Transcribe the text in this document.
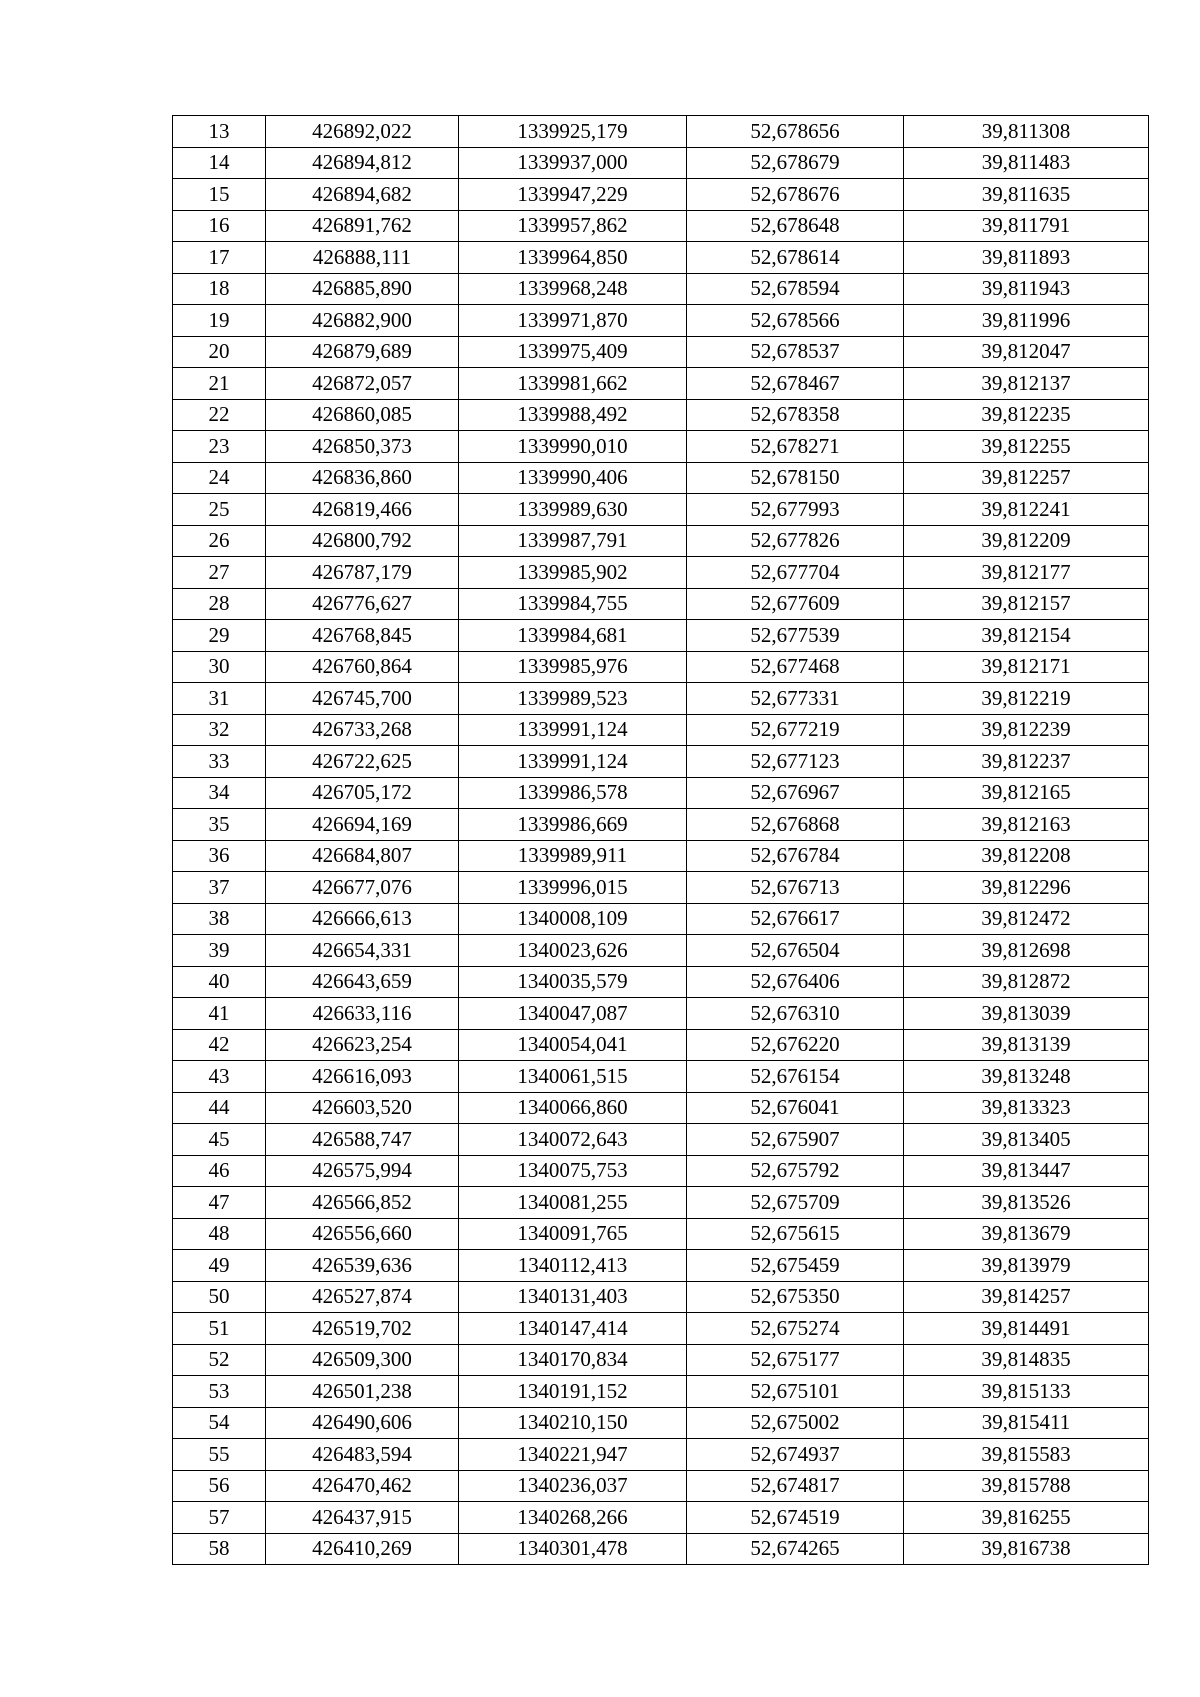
13	426892,022	1339925,179	52,678656	39,811308
14	426894,812	1339937,000	52,678679	39,811483
15	426894,682	1339947,229	52,678676	39,811635
16	426891,762	1339957,862	52,678648	39,811791
17	426888,111	1339964,850	52,678614	39,811893
18	426885,890	1339968,248	52,678594	39,811943
19	426882,900	1339971,870	52,678566	39,811996
20	426879,689	1339975,409	52,678537	39,812047
21	426872,057	1339981,662	52,678467	39,812137
22	426860,085	1339988,492	52,678358	39,812235
23	426850,373	1339990,010	52,678271	39,812255
24	426836,860	1339990,406	52,678150	39,812257
25	426819,466	1339989,630	52,677993	39,812241
26	426800,792	1339987,791	52,677826	39,812209
27	426787,179	1339985,902	52,677704	39,812177
28	426776,627	1339984,755	52,677609	39,812157
29	426768,845	1339984,681	52,677539	39,812154
30	426760,864	1339985,976	52,677468	39,812171
31	426745,700	1339989,523	52,677331	39,812219
32	426733,268	1339991,124	52,677219	39,812239
33	426722,625	1339991,124	52,677123	39,812237
34	426705,172	1339986,578	52,676967	39,812165
35	426694,169	1339986,669	52,676868	39,812163
36	426684,807	1339989,911	52,676784	39,812208
37	426677,076	1339996,015	52,676713	39,812296
38	426666,613	1340008,109	52,676617	39,812472
39	426654,331	1340023,626	52,676504	39,812698
40	426643,659	1340035,579	52,676406	39,812872
41	426633,116	1340047,087	52,676310	39,813039
42	426623,254	1340054,041	52,676220	39,813139
43	426616,093	1340061,515	52,676154	39,813248
44	426603,520	1340066,860	52,676041	39,813323
45	426588,747	1340072,643	52,675907	39,813405
46	426575,994	1340075,753	52,675792	39,813447
47	426566,852	1340081,255	52,675709	39,813526
48	426556,660	1340091,765	52,675615	39,813679
49	426539,636	1340112,413	52,675459	39,813979
50	426527,874	1340131,403	52,675350	39,814257
51	426519,702	1340147,414	52,675274	39,814491
52	426509,300	1340170,834	52,675177	39,814835
53	426501,238	1340191,152	52,675101	39,815133
54	426490,606	1340210,150	52,675002	39,815411
55	426483,594	1340221,947	52,674937	39,815583
56	426470,462	1340236,037	52,674817	39,815788
57	426437,915	1340268,266	52,674519	39,816255
58	426410,269	1340301,478	52,674265	39,816738
